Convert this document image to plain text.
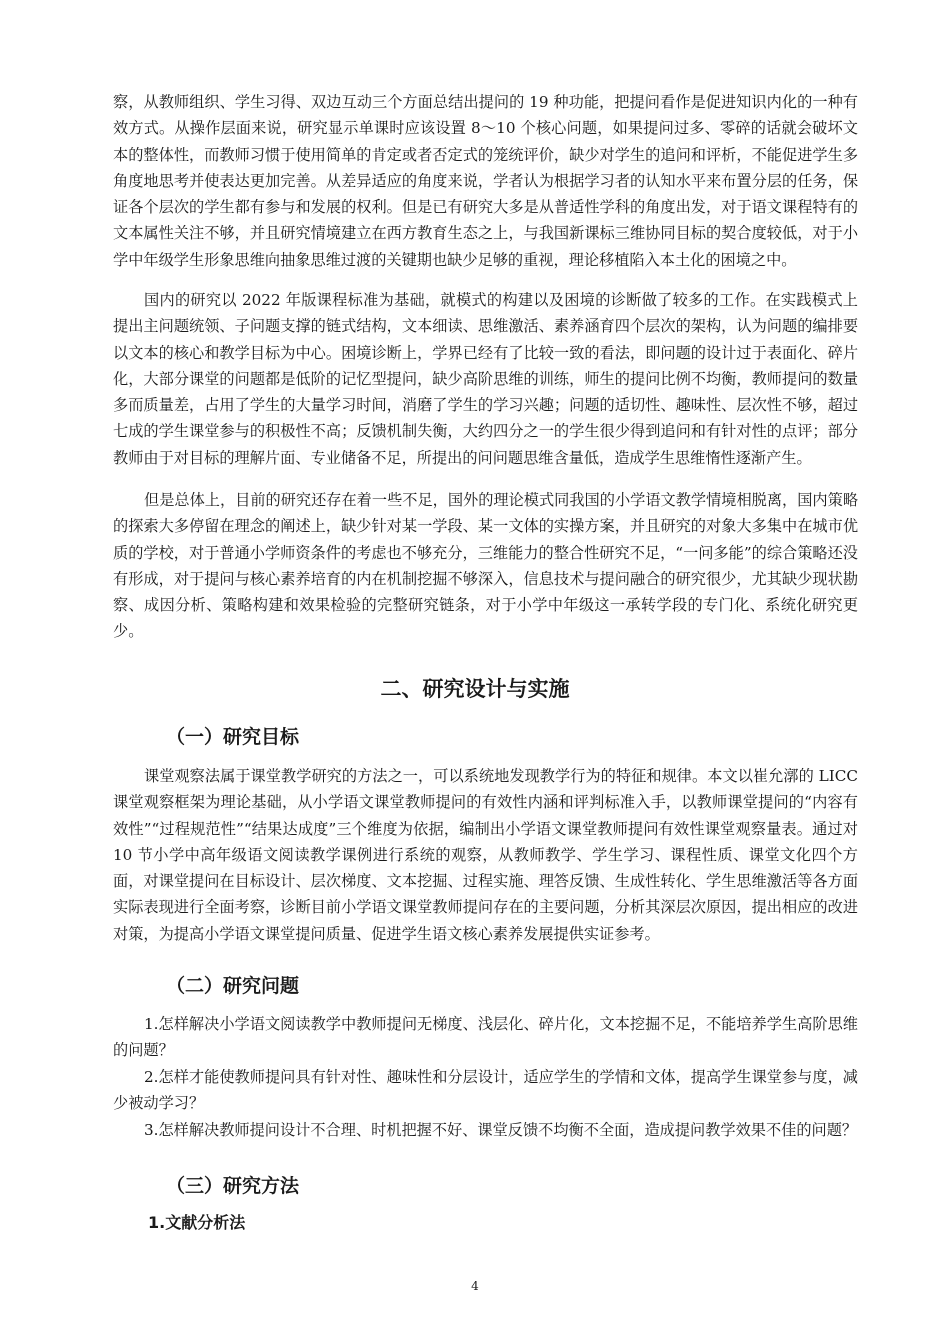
察，从教师组织、学生习得、双边互动三个方面总结出提问的 19 种功能，把提问看作是促进知识内化的一种有效方式。从操作层面来说，研究显示单课时应该设置 8～10 个核心问题，如果提问过多、零碎的话就会破坏文本的整体性，而教师习惯于使用简单的肯定或者否定式的笼统评价，缺少对学生的追问和评析，不能促进学生多角度地思考并使表达更加完善。从差异适应的角度来说，学者认为根据学习者的认知水平来布置分层的任务，保证各个层次的学生都有参与和发展的权利。但是已有研究大多是从普适性学科的角度出发，对于语文课程特有的文本属性关注不够，并且研究情境建立在西方教育生态之上，与我国新课标三维协同目标的契合度较低，对于小学中年级学生形象思维向抽象思维过渡的关键期也缺少足够的重视，理论移植陷入本土化的困境之中。

国内的研究以 2022 年版课程标准为基础，就模式的构建以及困境的诊断做了较多的工作。在实践模式上提出主问题统领、子问题支撑的链式结构，文本细读、思维激活、素养涵育四个层次的架构，认为问题的编排要以文本的核心和教学目标为中心。困境诊断上，学界已经有了比较一致的看法，即问题的设计过于表面化、碎片化，大部分课堂的问题都是低阶的记忆型提问，缺少高阶思维的训练，师生的提问比例不均衡，教师提问的数量多而质量差，占用了学生的大量学习时间，消磨了学生的学习兴趣；问题的适切性、趣味性、层次性不够，超过七成的学生课堂参与的积极性不高；反馈机制失衡，大约四分之一的学生很少得到追问和有针对性的点评；部分教师由于对目标的理解片面、专业储备不足，所提出的问问题思维含量低，造成学生思维惰性逐渐产生。

但是总体上，目前的研究还存在着一些不足，国外的理论模式同我国的小学语文教学情境相脱离，国内策略的探索大多停留在理念的阐述上，缺少针对某一学段、某一文体的实操方案，并且研究的对象大多集中在城市优质的学校，对于普通小学师资条件的考虑也不够充分，三维能力的整合性研究不足，“一问多能”的综合策略还没有形成，对于提问与核心素养培育的内在机制挖掘不够深入，信息技术与提问融合的研究很少，尤其缺少现状勘察、成因分析、策略构建和效果检验的完整研究链条，对于小学中年级这一承转学段的专门化、系统化研究更少。

二、研究设计与实施
（一）研究目标

课堂观察法属于课堂教学研究的方法之一，可以系统地发现教学行为的特征和规律。本文以崔允漷的 LICC 课堂观察框架为理论基础，从小学语文课堂教师提问的有效性内涵和评判标准入手，以教师课堂提问的“内容有效性”“过程规范性”“结果达成度”三个维度为依据，编制出小学语文课堂教师提问有效性课堂观察量表。通过对 10 节小学中高年级语文阅读教学课例进行系统的观察，从教师教学、学生学习、课程性质、课堂文化四个方面，对课堂提问在目标设计、层次梯度、文本挖掘、过程实施、理答反馈、生成性转化、学生思维激活等各方面实际表现进行全面考察，诊断目前小学语文课堂教师提问存在的主要问题，分析其深层次原因，提出相应的改进对策，为提高小学语文课堂提问质量、促进学生语文核心素养发展提供实证参考。

（二）研究问题

1.怎样解决小学语文阅读教学中教师提问无梯度、浅层化、碎片化，文本挖掘不足，不能培养学生高阶思维的问题？

2.怎样才能使教师提问具有针对性、趣味性和分层设计，适应学生的学情和文体，提高学生课堂参与度，减少被动学习？

3.怎样解决教师提问设计不合理、时机把握不好、课堂反馈不均衡不全面，造成提问教学效果不佳的问题？

（三）研究方法
1.文献分析法

4
